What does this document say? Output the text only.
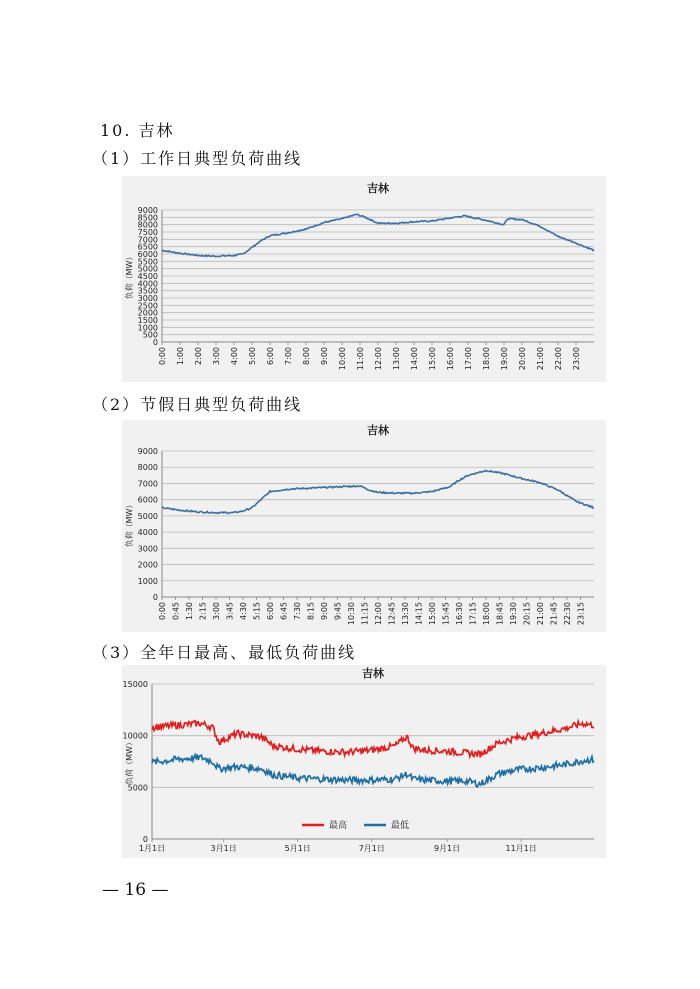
10. 吉林
（1）工作日典型负荷曲线
吉林
0
500
1000
1500
2000
2500
3000
3500
4000
4500
5000
5500
6000
6500
7000
7500
8000
8500
9000
负荷（MW）
0:00 1:00 2:00 3:00 4:00 5:00 6:00 7:00 8:00 9:00 10:00 11:00 12:00 13:00 14:00 15:00 16:00 17:00 18:00 19:00 20:00 21:00 22:00 23:00
（2）节假日典型负荷曲线
吉林
0
1000
2000
3000
4000
5000
6000
7000
8000
9000
负荷（MW）
0:00 0:45 1:30 2:15 3:00 3:45 4:30 5:15 6:00 6:45 7:30 8:15 9:00 9:45 10:30 11:15 12:00 12:45 13:30 14:15 15:00 15:45 16:30 17:15 18:00 18:45 19:30 20:15 21:00 21:45 22:30 23:15
（3）全年日最高、最低负荷曲线
吉林
0
5000
10000
15000
负荷（MW）
1月1日	3月1日	5月1日	7月1日	9月1日	11月1日
最高	最低
— 16 —
